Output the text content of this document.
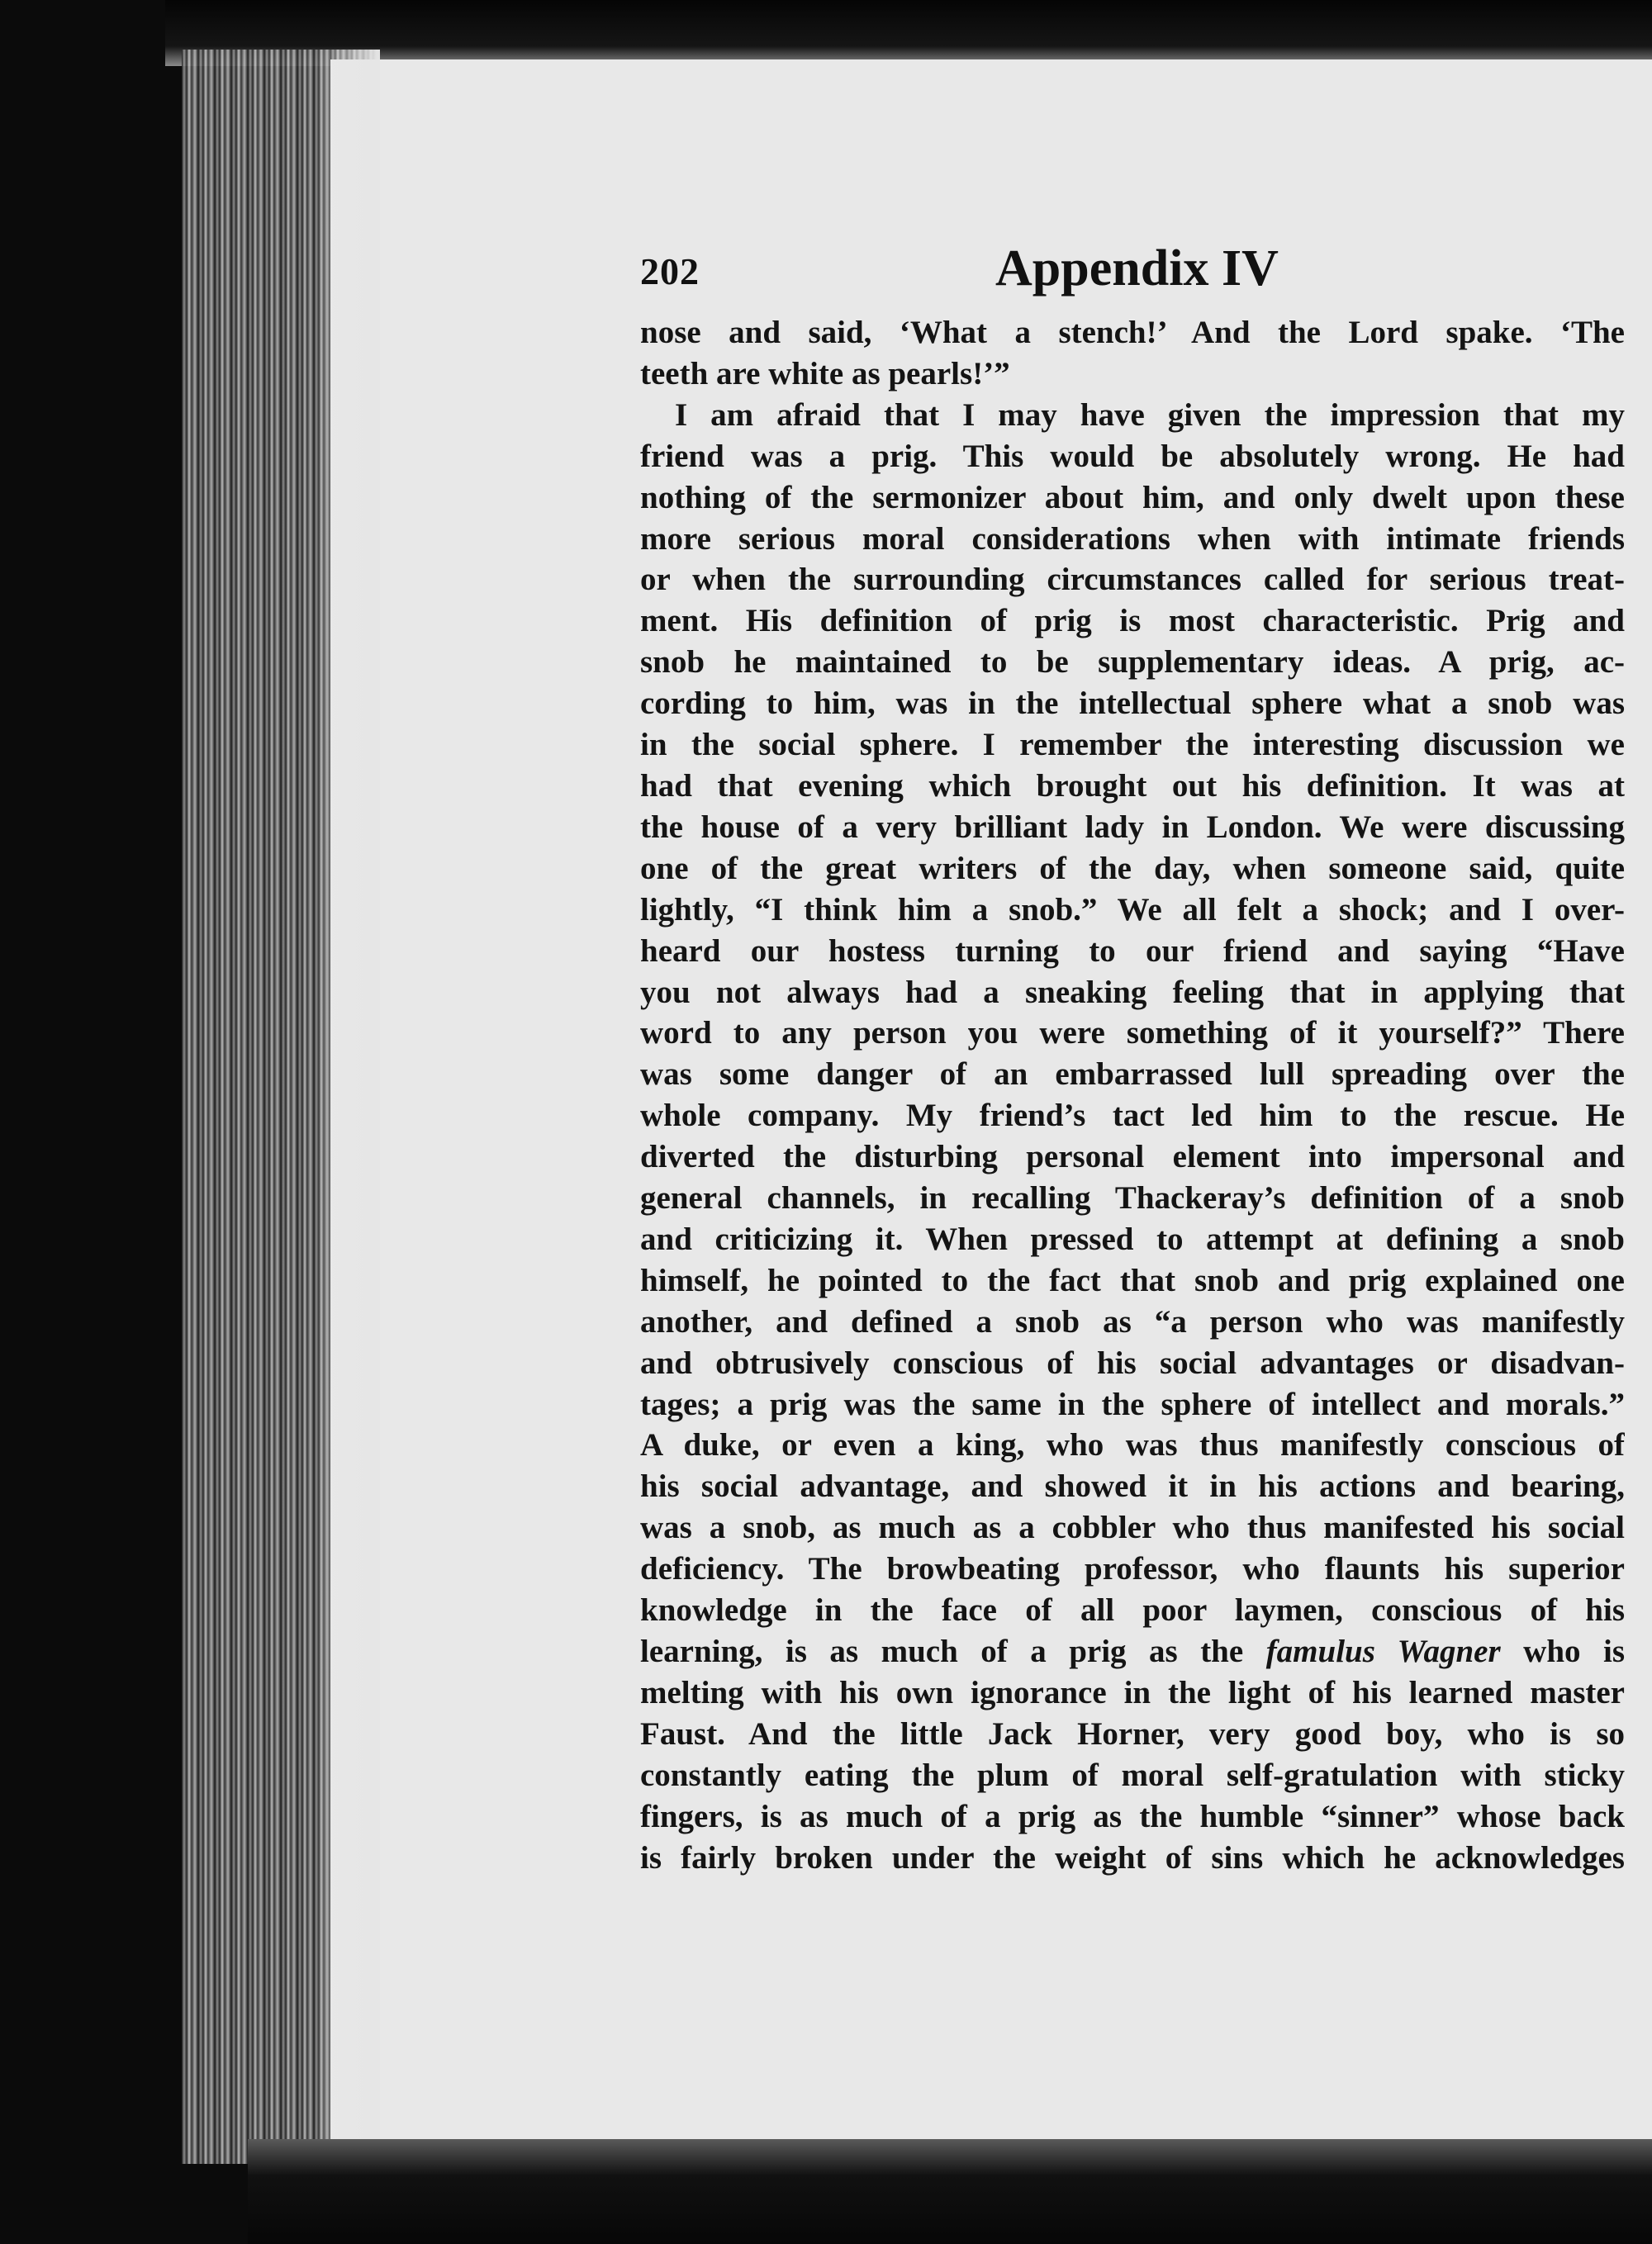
202	Appendix IV
nose and said, ‘What a stench!’ And the Lord spake. ‘The
teeth are white as pearls!’”
I am afraid that I may have given the impression that my
friend was a prig. This would be absolutely wrong. He had
nothing of the sermonizer about him, and only dwelt upon these
more serious moral considerations when with intimate friends
or when the surrounding circumstances called for serious treat-
ment. His definition of prig is most characteristic. Prig and
snob he maintained to be supplementary ideas. A prig, ac-
cording to him, was in the intellectual sphere what a snob was
in the social sphere. I remember the interesting discussion we
had that evening which brought out his definition. It was at
the house of a very brilliant lady in London. We were discussing
one of the great writers of the day, when someone said, quite
lightly, “I think him a snob.” We all felt a shock; and I over-
heard our hostess turning to our friend and saying “Have
you not always had a sneaking feeling that in applying that
word to any person you were something of it yourself?” There
was some danger of an embarrassed lull spreading over the
whole company. My friend’s tact led him to the rescue. He
diverted the disturbing personal element into impersonal and
general channels, in recalling Thackeray’s definition of a snob
and criticizing it. When pressed to attempt at defining a snob
himself, he pointed to the fact that snob and prig explained one
another, and defined a snob as “a person who was manifestly
and obtrusively conscious of his social advantages or disadvan-
tages; a prig was the same in the sphere of intellect and morals.”
A duke, or even a king, who was thus manifestly conscious of
his social advantage, and showed it in his actions and bearing,
was a snob, as much as a cobbler who thus manifested his social
deficiency. The browbeating professor, who flaunts his superior
knowledge in the face of all poor laymen, conscious of his
learning, is as much of a prig as the famulus Wagner who is
melting with his own ignorance in the light of his learned master
Faust. And the little Jack Horner, very good boy, who is so
constantly eating the plum of moral self-gratulation with sticky
fingers, is as much of a prig as the humble “sinner” whose back
is fairly broken under the weight of sins which he acknowledges
